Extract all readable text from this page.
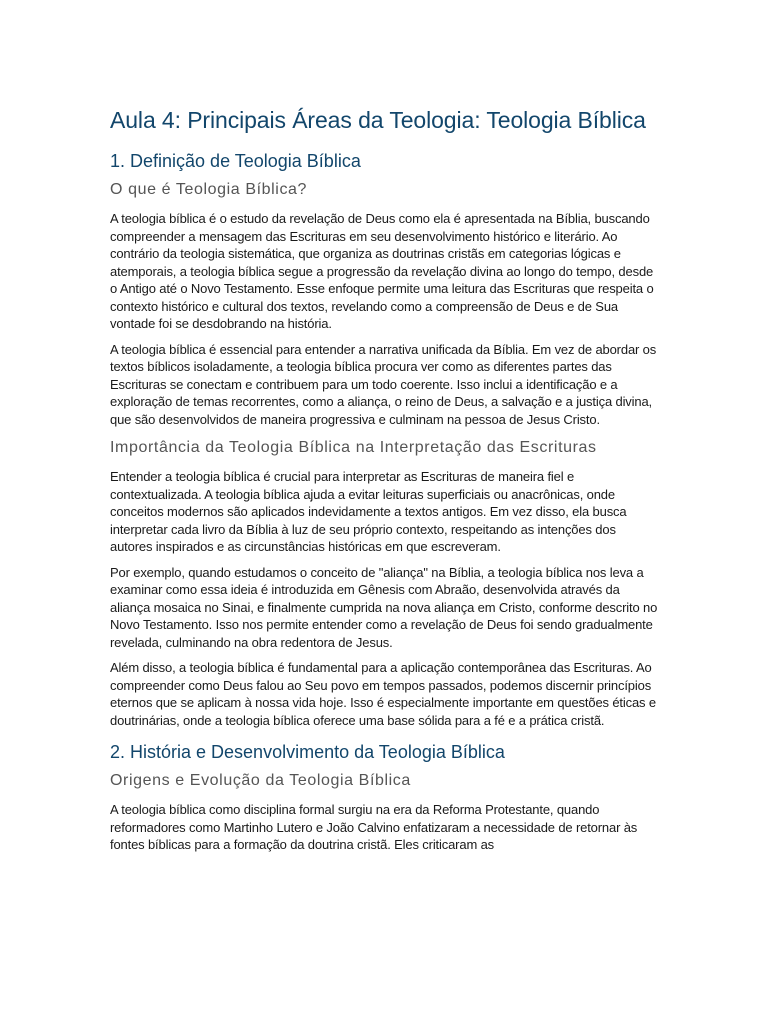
Aula 4: Principais Áreas da Teologia: Teologia Bíblica
1. Definição de Teologia Bíblica
O que é Teologia Bíblica?

A teologia bíblica é o estudo da revelação de Deus como ela é apresentada na Bíblia, buscando compreender a mensagem das Escrituras em seu desenvolvimento histórico e literário. Ao contrário da teologia sistemática, que organiza as doutrinas cristãs em categorias lógicas e atemporais, a teologia bíblica segue a progressão da revelação divina ao longo do tempo, desde o Antigo até o Novo Testamento. Esse enfoque permite uma leitura das Escrituras que respeita o contexto histórico e cultural dos textos, revelando como a compreensão de Deus e de Sua vontade foi se desdobrando na história.

A teologia bíblica é essencial para entender a narrativa unificada da Bíblia. Em vez de abordar os textos bíblicos isoladamente, a teologia bíblica procura ver como as diferentes partes das Escrituras se conectam e contribuem para um todo coerente. Isso inclui a identificação e a exploração de temas recorrentes, como a aliança, o reino de Deus, a salvação e a justiça divina, que são desenvolvidos de maneira progressiva e culminam na pessoa de Jesus Cristo.

Importância da Teologia Bíblica na Interpretação das Escrituras

Entender a teologia bíblica é crucial para interpretar as Escrituras de maneira fiel e contextualizada. A teologia bíblica ajuda a evitar leituras superficiais ou anacrônicas, onde conceitos modernos são aplicados indevidamente a textos antigos. Em vez disso, ela busca interpretar cada livro da Bíblia à luz de seu próprio contexto, respeitando as intenções dos autores inspirados e as circunstâncias históricas em que escreveram.

Por exemplo, quando estudamos o conceito de "aliança" na Bíblia, a teologia bíblica nos leva a examinar como essa ideia é introduzida em Gênesis com Abraão, desenvolvida através da aliança mosaica no Sinai, e finalmente cumprida na nova aliança em Cristo, conforme descrito no Novo Testamento. Isso nos permite entender como a revelação de Deus foi sendo gradualmente revelada, culminando na obra redentora de Jesus.

Além disso, a teologia bíblica é fundamental para a aplicação contemporânea das Escrituras. Ao compreender como Deus falou ao Seu povo em tempos passados, podemos discernir princípios eternos que se aplicam à nossa vida hoje. Isso é especialmente importante em questões éticas e doutrinárias, onde a teologia bíblica oferece uma base sólida para a fé e a prática cristã.

2. História e Desenvolvimento da Teologia Bíblica
Origens e Evolução da Teologia Bíblica

A teologia bíblica como disciplina formal surgiu na era da Reforma Protestante, quando reformadores como Martinho Lutero e João Calvino enfatizaram a necessidade de retornar às fontes bíblicas para a formação da doutrina cristã. Eles criticaram as
